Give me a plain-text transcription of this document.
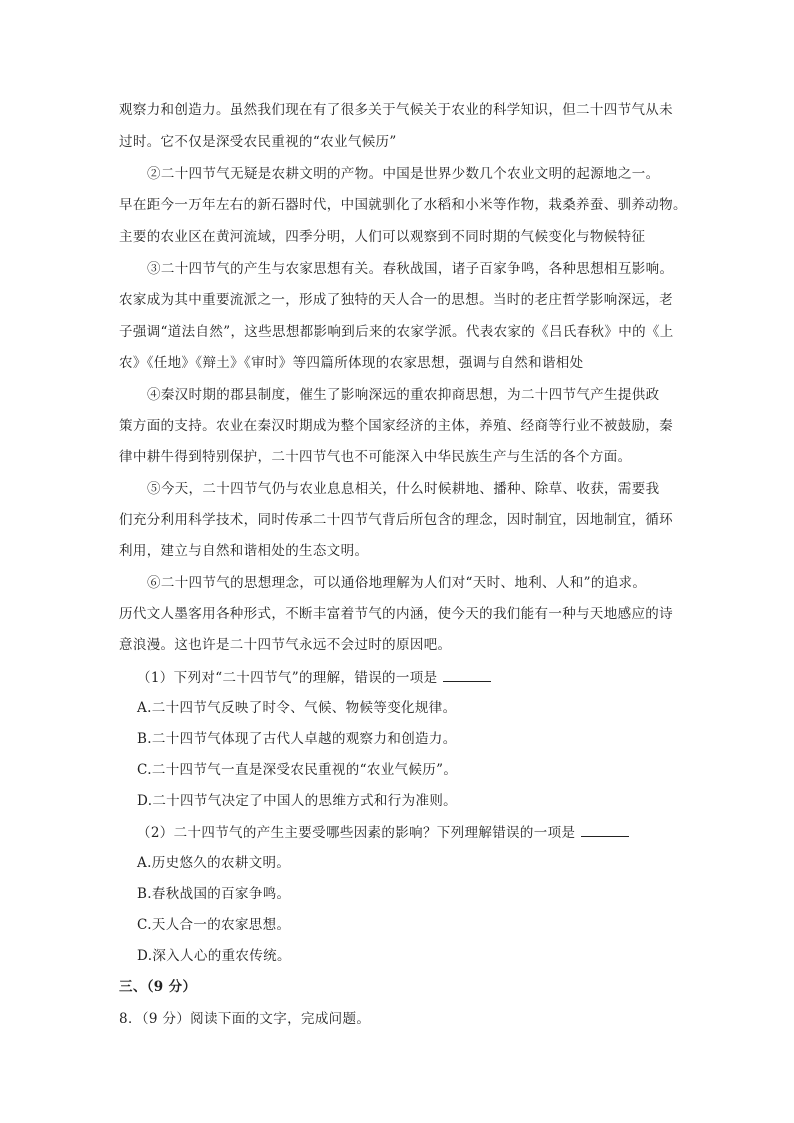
观察力和创造力。虽然我们现在有了很多关于气候关于农业的科学知识，但二十四节气从未
过时。它不仅是深受农民重视的“农业气候历”
②二十四节气无疑是农耕文明的产物。中国是世界少数几个农业文明的起源地之一。
早在距今一万年左右的新石器时代，中国就驯化了水稻和小米等作物，栽桑养蚕、驯养动物。
主要的农业区在黄河流域，四季分明，人们可以观察到不同时期的气候变化与物候特征
③二十四节气的产生与农家思想有关。春秋战国，诸子百家争鸣，各种思想相互影响。
农家成为其中重要流派之一，形成了独特的天人合一的思想。当时的老庄哲学影响深远，老
子强调“道法自然”，这些思想都影响到后来的农家学派。代表农家的《吕氏春秋》中的《上
农》《任地》《辩土》《审时》等四篇所体现的农家思想，强调与自然和谐相处
④秦汉时期的郡县制度，催生了影响深远的重农抑商思想，为二十四节气产生提供政
策方面的支持。农业在秦汉时期成为整个国家经济的主体，养殖、经商等行业不被鼓励，秦
律中耕牛得到特别保护，二十四节气也不可能深入中华民族生产与生活的各个方面。
⑤今天，二十四节气仍与农业息息相关，什么时候耕地、播种、除草、收获，需要我
们充分利用科学技术，同时传承二十四节气背后所包含的理念，因时制宜，因地制宜，循环
利用，建立与自然和谐相处的生态文明。
⑥二十四节气的思想理念，可以通俗地理解为人们对“天时、地利、人和”的追求。
历代文人墨客用各种形式，不断丰富着节气的内涵，使今天的我们能有一种与天地感应的诗
意浪漫。这也许是二十四节气永远不会过时的原因吧。
（1）下列对“二十四节气”的理解，错误的一项是
A.二十四节气反映了时令、气候、物候等变化规律。
B.二十四节气体现了古代人卓越的观察力和创造力。
C.二十四节气一直是深受农民重视的“农业气候历”。
D.二十四节气决定了中国人的思维方式和行为准则。
（2）二十四节气的产生主要受哪些因素的影响？下列理解错误的一项是
A.历史悠久的农耕文明。
B.春秋战国的百家争鸣。
C.天人合一的农家思想。
D.深入人心的重农传统。
三、（9 分）
8．（9 分）阅读下面的文字，完成问题。
